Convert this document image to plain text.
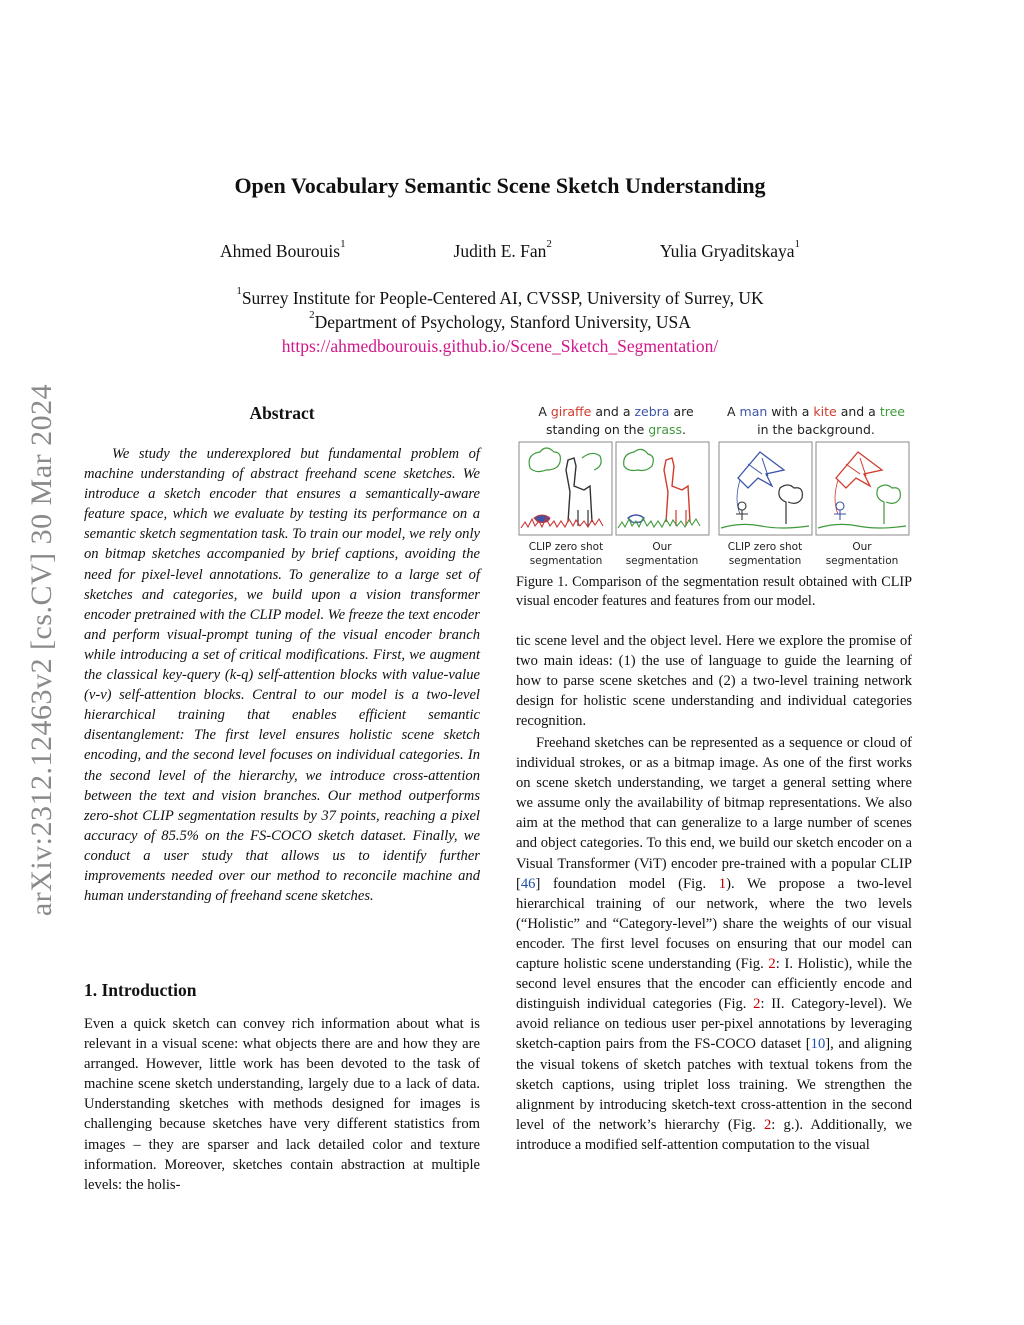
arXiv:2312.12463v2 [cs.CV] 30 Mar 2024
Open Vocabulary Semantic Scene Sketch Understanding
Ahmed Bourouis$^1$	Judith E. Fan$^2$	Yulia Gryaditskaya$^1$
$^1$Surrey Institute for People-Centered AI, CVSSP, University of Surrey, UK
$^2$Department of Psychology, Stanford University, USA
https://ahmedbourouis.github.io/Scene_Sketch_Segmentation/
Abstract

We study the underexplored but fundamental problem of machine understanding of abstract freehand scene sketches. We introduce a sketch encoder that ensures a semantically-aware feature space, which we evaluate by testing its performance on a semantic sketch segmentation task. To train our model, we rely only on bitmap sketches accompanied by brief captions, avoiding the need for pixel-level annotations. To generalize to a large set of sketches and categories, we build upon a vision transformer encoder pretrained with the CLIP model. We freeze the text encoder and perform visual-prompt tuning of the visual encoder branch while introducing a set of critical modifications. First, we augment the classical key-query (k-q) self-attention blocks with value-value (v-v) self-attention blocks. Central to our model is a two-level hierarchical training that enables efficient semantic disentanglement: The first level ensures holistic scene sketch encoding, and the second level focuses on individual categories. In the second level of the hierarchy, we introduce cross-attention between the text and vision branches. Our method outperforms zero-shot CLIP segmentation results by 37 points, reaching a pixel accuracy of 85.5% on the FS-COCO sketch dataset. Finally, we conduct a user study that allows us to identify further improvements needed over our method to reconcile machine and human understanding of freehand scene sketches.

1. Introduction

Even a quick sketch can convey rich information about what is relevant in a visual scene: what objects there are and how they are arranged. However, little work has been devoted to the task of machine scene sketch understanding, largely due to a lack of data. Understanding sketches with methods designed for images is challenging because sketches have very different statistics from images – they are sparser and lack detailed color and texture information. Moreover, sketches contain abstraction at multiple levels: the holis-

A giraffe and a zebra are
standing on the grass.
A man with a kite and a tree
in the background.
CLIP zero shot
segmentation
Our
segmentation
CLIP zero shot
segmentation
Our
segmentation

Figure 1. Comparison of the segmentation result obtained with CLIP visual encoder features and features from our model.

tic scene level and the object level. Here we explore the promise of two main ideas: (1) the use of language to guide the learning of how to parse scene sketches and (2) a two-level training network design for holistic scene understanding and individual categories recognition.

Freehand sketches can be represented as a sequence or cloud of individual strokes, or as a bitmap image. As one of the first works on scene sketch understanding, we target a general setting where we assume only the availability of bitmap representations. We also aim at the method that can generalize to a large number of scenes and object categories. To this end, we build our sketch encoder on a Visual Transformer (ViT) encoder pre-trained with a popular CLIP [46] foundation model (Fig. 1). We propose a two-level hierarchical training of our network, where the two levels (“Holistic” and “Category-level”) share the weights of our visual encoder. The first level focuses on ensuring that our model can capture holistic scene understanding (Fig. 2: I. Holistic), while the second level ensures that the encoder can efficiently encode and distinguish individual categories (Fig. 2: II. Category-level). We avoid reliance on tedious user per-pixel annotations by leveraging sketch-caption pairs from the FS-COCO dataset [10], and aligning the visual tokens of sketch patches with textual tokens from the sketch captions, using triplet loss training. We strengthen the alignment by introducing sketch-text cross-attention in the second level of the network’s hierarchy (Fig. 2: g.). Additionally, we introduce a modified self-attention computation to the visual
